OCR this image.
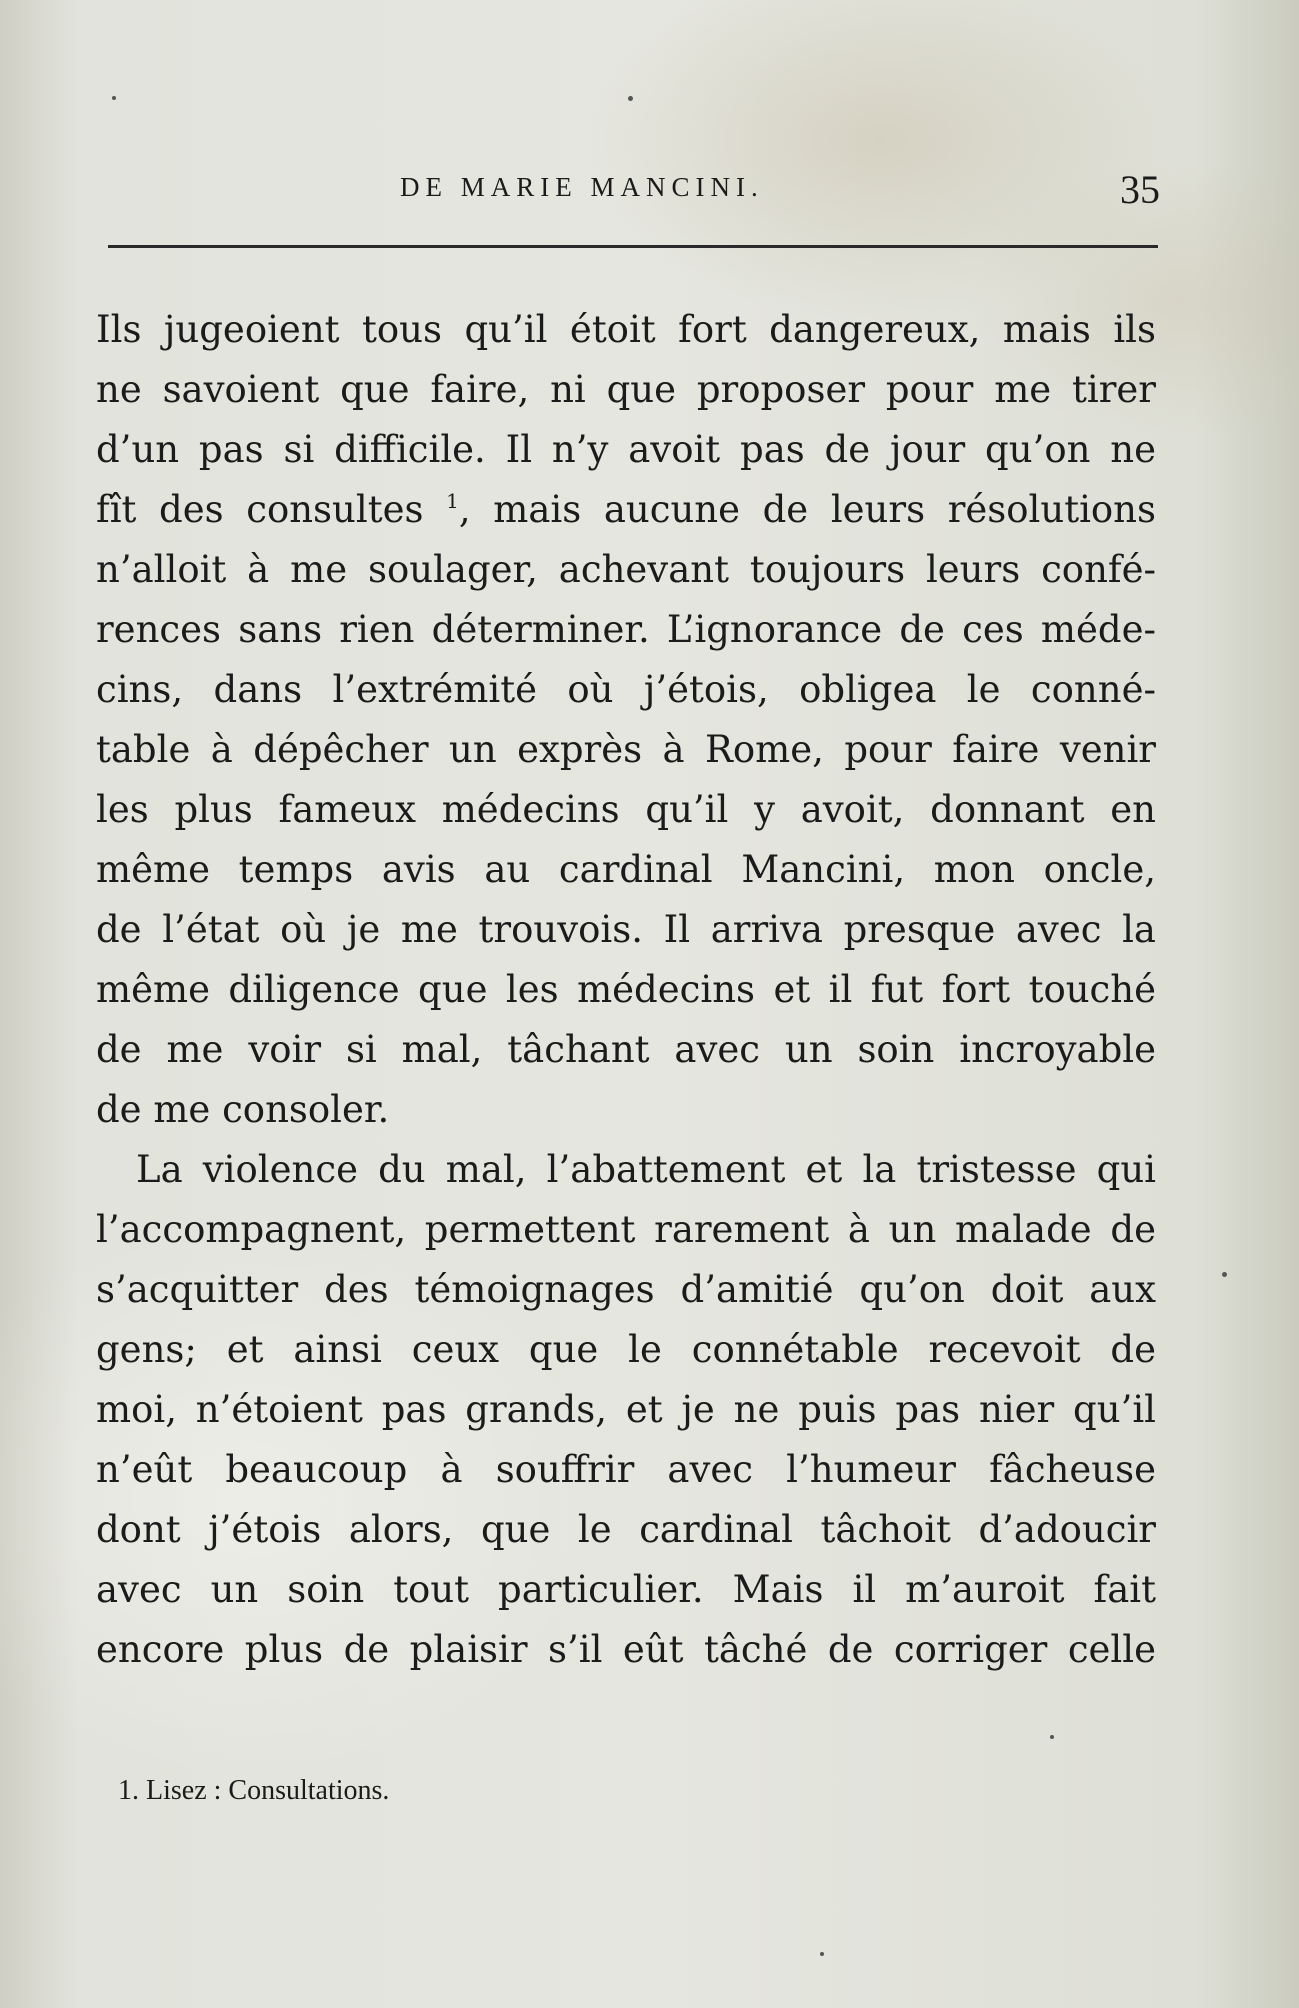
DE MARIE MANCINI.	35
Ils jugeoient tous qu’il étoit fort dangereux, mais ils
ne savoient que faire, ni que proposer pour me tirer
d’un pas si difficile. Il n’y avoit pas de jour qu’on ne
fît des consultes $^1$, mais aucune de leurs résolutions
n’alloit à me soulager, achevant toujours leurs confé-
rences sans rien déterminer. L’ignorance de ces méde-
cins, dans l’extrémité où j’étois, obligea le conné-
table à dépêcher un exprès à Rome, pour faire venir
les plus fameux médecins qu’il y avoit, donnant en
même temps avis au cardinal Mancini, mon oncle,
de l’état où je me trouvois. Il arriva presque avec la
même diligence que les médecins et il fut fort touché
de me voir si mal, tâchant avec un soin incroyable
de me consoler.
La violence du mal, l’abattement et la tristesse qui
l’accompagnent, permettent rarement à un malade de
s’acquitter des témoignages d’amitié qu’on doit aux
gens; et ainsi ceux que le connétable recevoit de
moi, n’étoient pas grands, et je ne puis pas nier qu’il
n’eût beaucoup à souffrir avec l’humeur fâcheuse
dont j’étois alors, que le cardinal tâchoit d’adoucir
avec un soin tout particulier. Mais il m’auroit fait
encore plus de plaisir s’il eût tâché de corriger celle
1. Lisez : Consultations.
